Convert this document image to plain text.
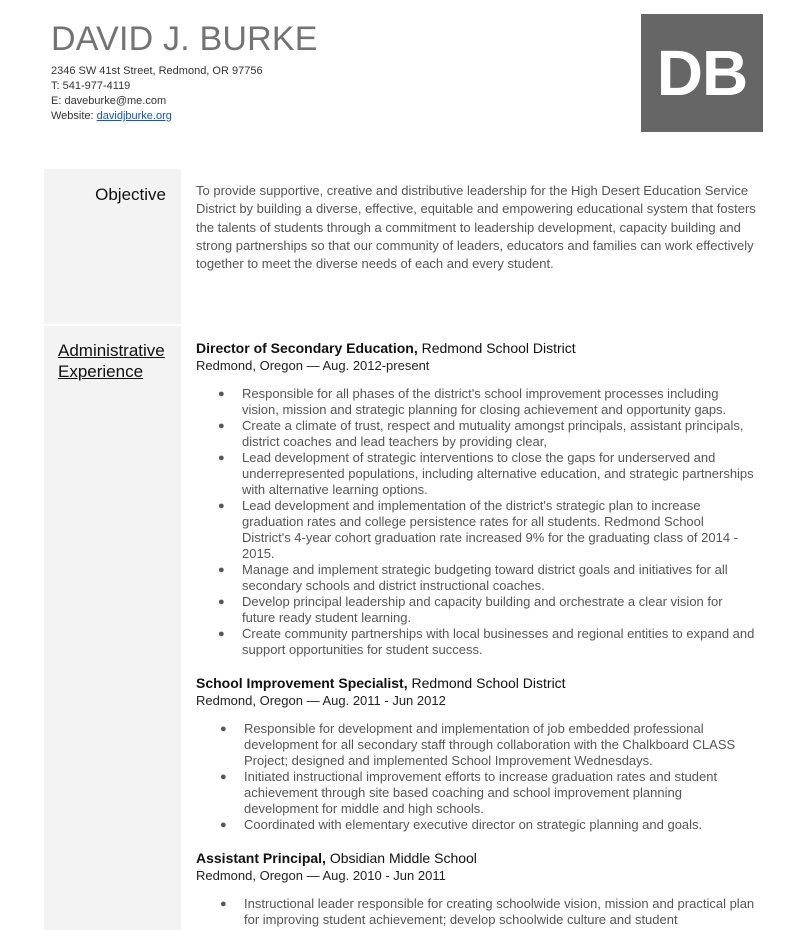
DAVID J. BURKE
2346 SW 41st Street, Redmond, OR 97756
T: 541-977-4119
E: daveburke@me.com
Website: davidjburke.org
DB
Objective To provide supportive, creative and distributive leadership for the High Desert Education Service District by building a diverse, effective, equitable and empowering educational system that fosters the talents of students through a commitment to leadership development, capacity building and strong partnerships so that our community of leaders, educators and families can work effectively together to meet the diverse needs of each and every student.
Administrative
Experience
Director of Secondary Education, Redmond School District
Redmond, Oregon — Aug. 2012-present
● Responsible for all phases of the district's school improvement processes including vision, mission and strategic planning for closing achievement and opportunity gaps.
● Create a climate of trust, respect and mutuality amongst principals, assistant principals, district coaches and lead teachers by providing clear,
● Lead development of strategic interventions to close the gaps for underserved and underrepresented populations, including alternative education, and strategic partnerships with alternative learning options.
● Lead development and implementation of the district's strategic plan to increase graduation rates and college persistence rates for all students. Redmond School District's 4-year cohort graduation rate increased 9% for the graduating class of 2014 - 2015.
● Manage and implement strategic budgeting toward district goals and initiatives for all secondary schools and district instructional coaches.
● Develop principal leadership and capacity building and orchestrate a clear vision for future ready student learning.
● Create community partnerships with local businesses and regional entities to expand and support opportunities for student success.
School Improvement Specialist, Redmond School District
Redmond, Oregon — Aug. 2011 - Jun 2012
● Responsible for development and implementation of job embedded professional development for all secondary staff through collaboration with the Chalkboard CLASS Project; designed and implemented School Improvement Wednesdays.
● Initiated instructional improvement efforts to increase graduation rates and student achievement through site based coaching and school improvement planning development for middle and high schools.
● Coordinated with elementary executive director on strategic planning and goals.
Assistant Principal, Obsidian Middle School
Redmond, Oregon — Aug. 2010 - Jun 2011
● Instructional leader responsible for creating schoolwide vision, mission and practical plan for improving student achievement; develop schoolwide culture and student
